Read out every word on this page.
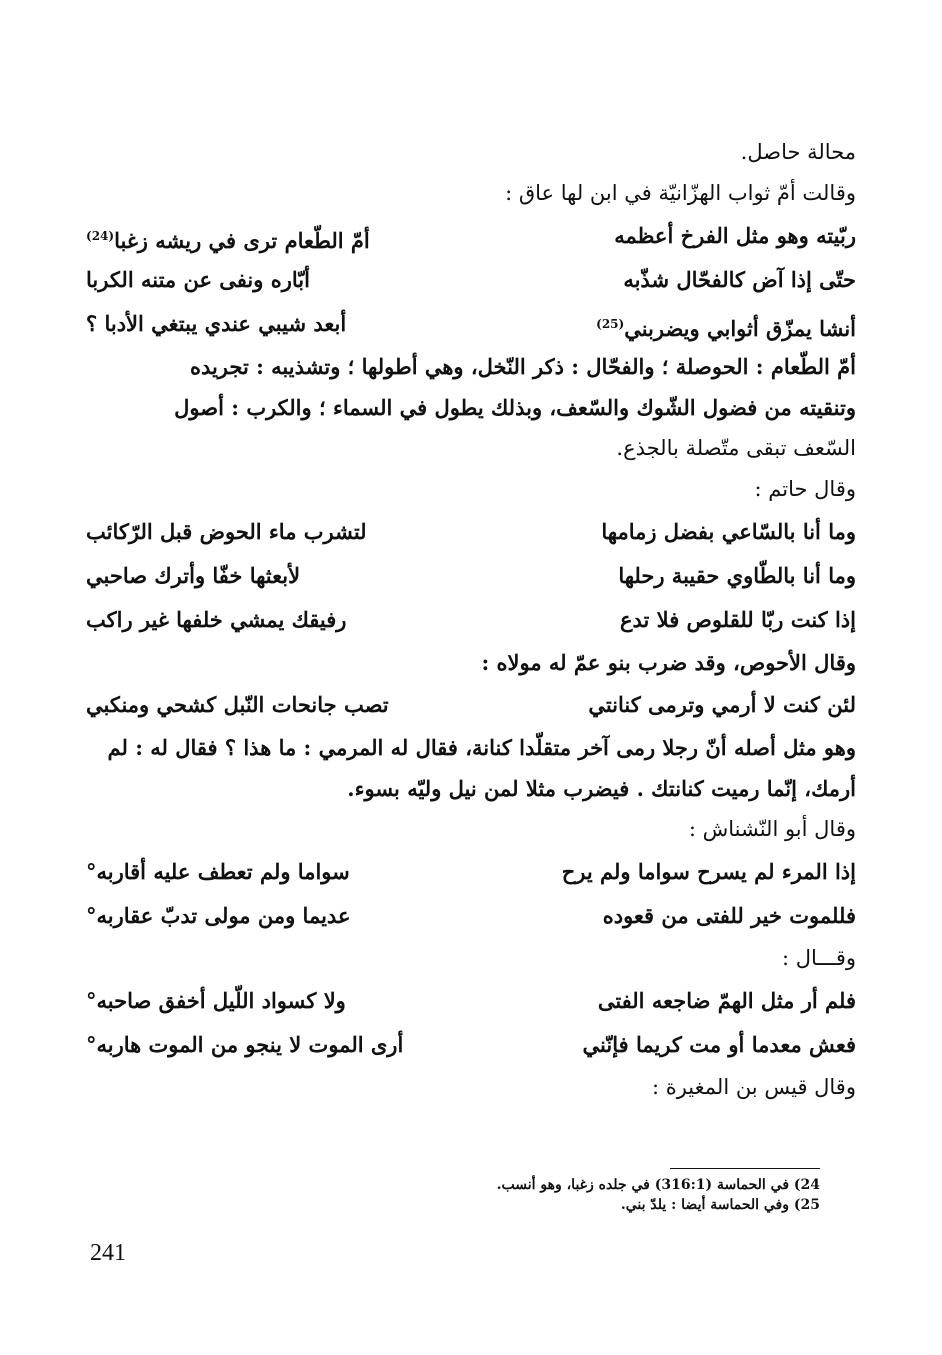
محالة حاصل.
وقالت أمّ ثواب الهزّانيّة في ابن لها عاق :
ربّيته وهو مثل الفرخ أعظمه
أمّ الطّعام ترى في ريشه زغبا$^{(24)}$
حتّى إذا آض كالفحّال شذّبه
أبّاره ونفى عن متنه الكربا
أنشا يمزّق أثوابي ويضربني$^{(25)}$
أبعد شيبي عندي يبتغي الأدبا ؟
أمّ الطّعام : الحوصلة ؛ والفحّال : ذكر النّخل، وهي أطولها ؛ وتشذيبه : تجريده
وتنقيته من فضول الشّوك والسّعف، وبذلك يطول في السماء ؛ والكرب : أصول
السّعف تبقى متّصلة بالجذع.
وقال حاتم :
وما أنا بالسّاعي بفضل زمامها
لتشرب ماء الحوض قبل الرّكائب
وما أنا بالطّاوي حقيبة رحلها
لأبعثها خفّا وأترك صاحبي
إذا كنت ربّا للقلوص فلا تدع
رفيقك يمشي خلفها غير راكب
وقال الأحوص، وقد ضرب بنو عمّ له مولاه :
لئن كنت لا أرمي وترمى كنانتي
تصب جانحات النّبل كشحي ومنكبي
وهو مثل أصله أنّ رجلا رمى آخر متقلّدا كنانة، فقال له المرمي : ما هذا ؟ فقال له : لم
أرمك، إنّما رميت كنانتك . فيضرب مثلا لمن نيل وليّه بسوء.
وقال أبو النّشناش :
إذا المرء لم يسرح سواما ولم يرح
سواما ولم تعطف عليه أقاربه°
فللموت خير للفتى من قعوده
عديما ومن مولى تدبّ عقاربه°
وقـــال :
فلم أر مثل الهمّ ضاجعه الفتى
ولا كسواد اللّيل أخفق صاحبه°
فعش معدما أو مت كريما فإنّني
أرى الموت لا ينجو من الموت هاربه°
وقال قيس بن المغيرة :
24) في الحماسة (316:1) في جلده زغبا، وهو أنسب.
25) وفي الحماسة أيضا : يلدّ بني.
241
